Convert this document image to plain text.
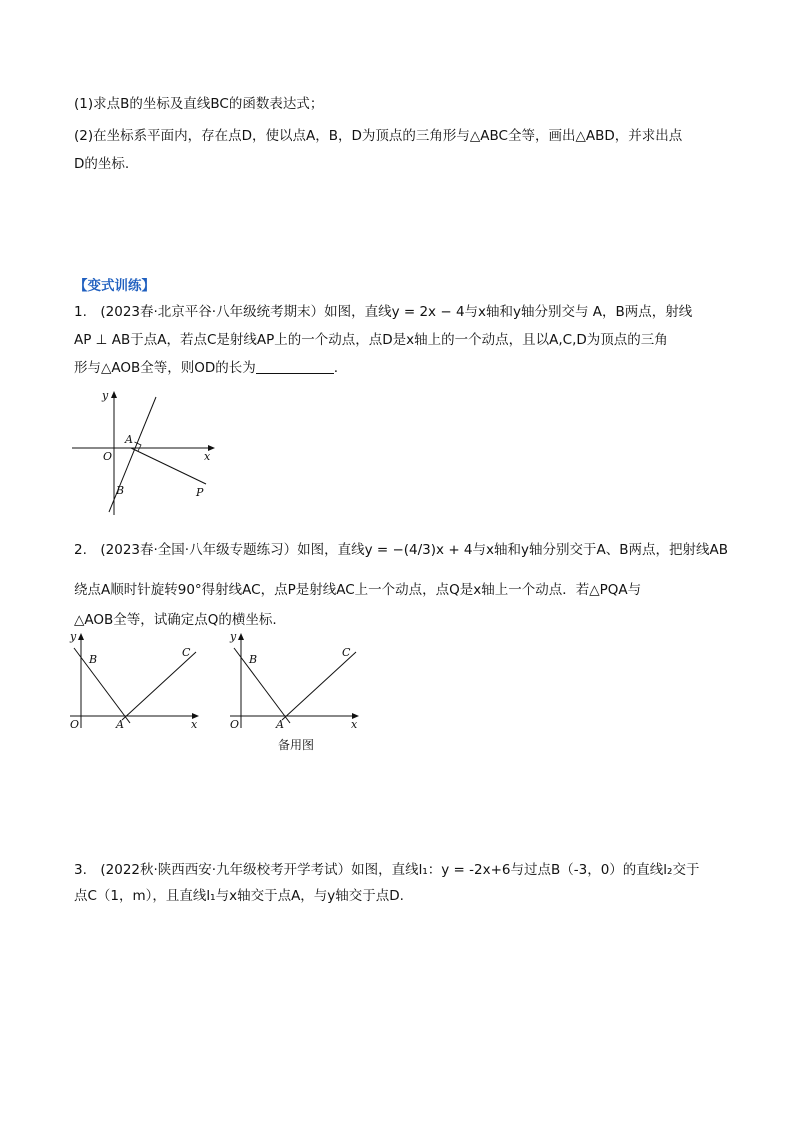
(1)求点B的坐标及直线BC的函数表达式；
(2)在坐标系平面内，存在点D，使以点A，B，D为顶点的三角形与△ABC全等，画出△ABD，并求出点
D的坐标.
【变式训练】
1.　(2023春·北京平谷·八年级统考期末）如图，直线y = 2x − 4与x轴和y轴分别交与 A，B两点，射线
AP ⊥ AB于点A，若点C是射线AP上的一个动点，点D是x轴上的一个动点，且以A,C,D为顶点的三角
形与△AOB全等，则OD的长为	.
y
x
O
A
B	P
2.　(2023春·全国·八年级专题练习）如图，直线y = −(4/3)x + 4与x轴和y轴分别交于A、B两点，把射线AB
绕点A顺时针旋转90°得射线AC，点P是射线AC上一个动点，点Q是x轴上一个动点．若△PQA与
△AOB全等，试确定点Q的横坐标.
y
x
O	A
B
C
y
x
O	A
B
C
备用图
3.　(2022秋·陕西西安·九年级校考开学考试）如图，直线l₁：y = -2x+6与过点B（-3，0）的直线l₂交于
点C（1，m），且直线l₁与x轴交于点A，与y轴交于点D.
